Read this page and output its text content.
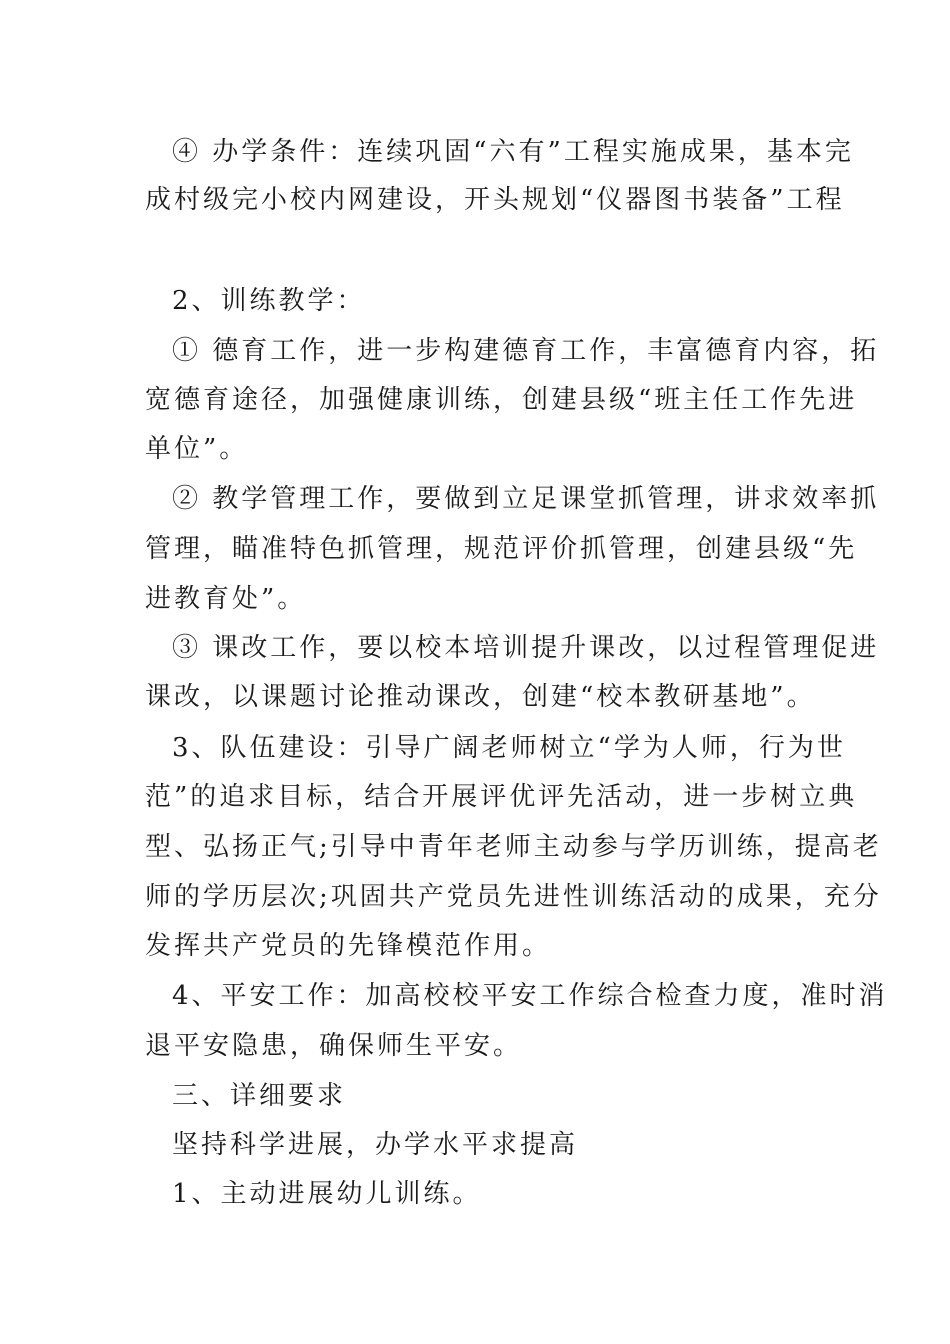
④ 办学条件：连续巩固“六有”工程实施成果，基本完
成村级完小校内网建设，开头规划“仪器图书装备”工程
2、训练教学：
① 德育工作，进一步构建德育工作，丰富德育内容，拓
宽德育途径，加强健康训练，创建县级“班主任工作先进
单位”。
② 教学管理工作，要做到立足课堂抓管理，讲求效率抓
管理，瞄准特色抓管理，规范评价抓管理，创建县级“先
进教育处”。
③ 课改工作，要以校本培训提升课改，以过程管理促进
课改，以课题讨论推动课改，创建“校本教研基地”。
3、队伍建设：引导广阔老师树立“学为人师，行为世
范”的追求目标，结合开展评优评先活动，进一步树立典
型、弘扬正气;引导中青年老师主动参与学历训练，提高老
师的学历层次;巩固共产党员先进性训练活动的成果，充分
发挥共产党员的先锋模范作用。
4、平安工作：加高校校平安工作综合检查力度，准时消
退平安隐患，确保师生平安。
三、详细要求
坚持科学进展，办学水平求提高
1、主动进展幼儿训练。
